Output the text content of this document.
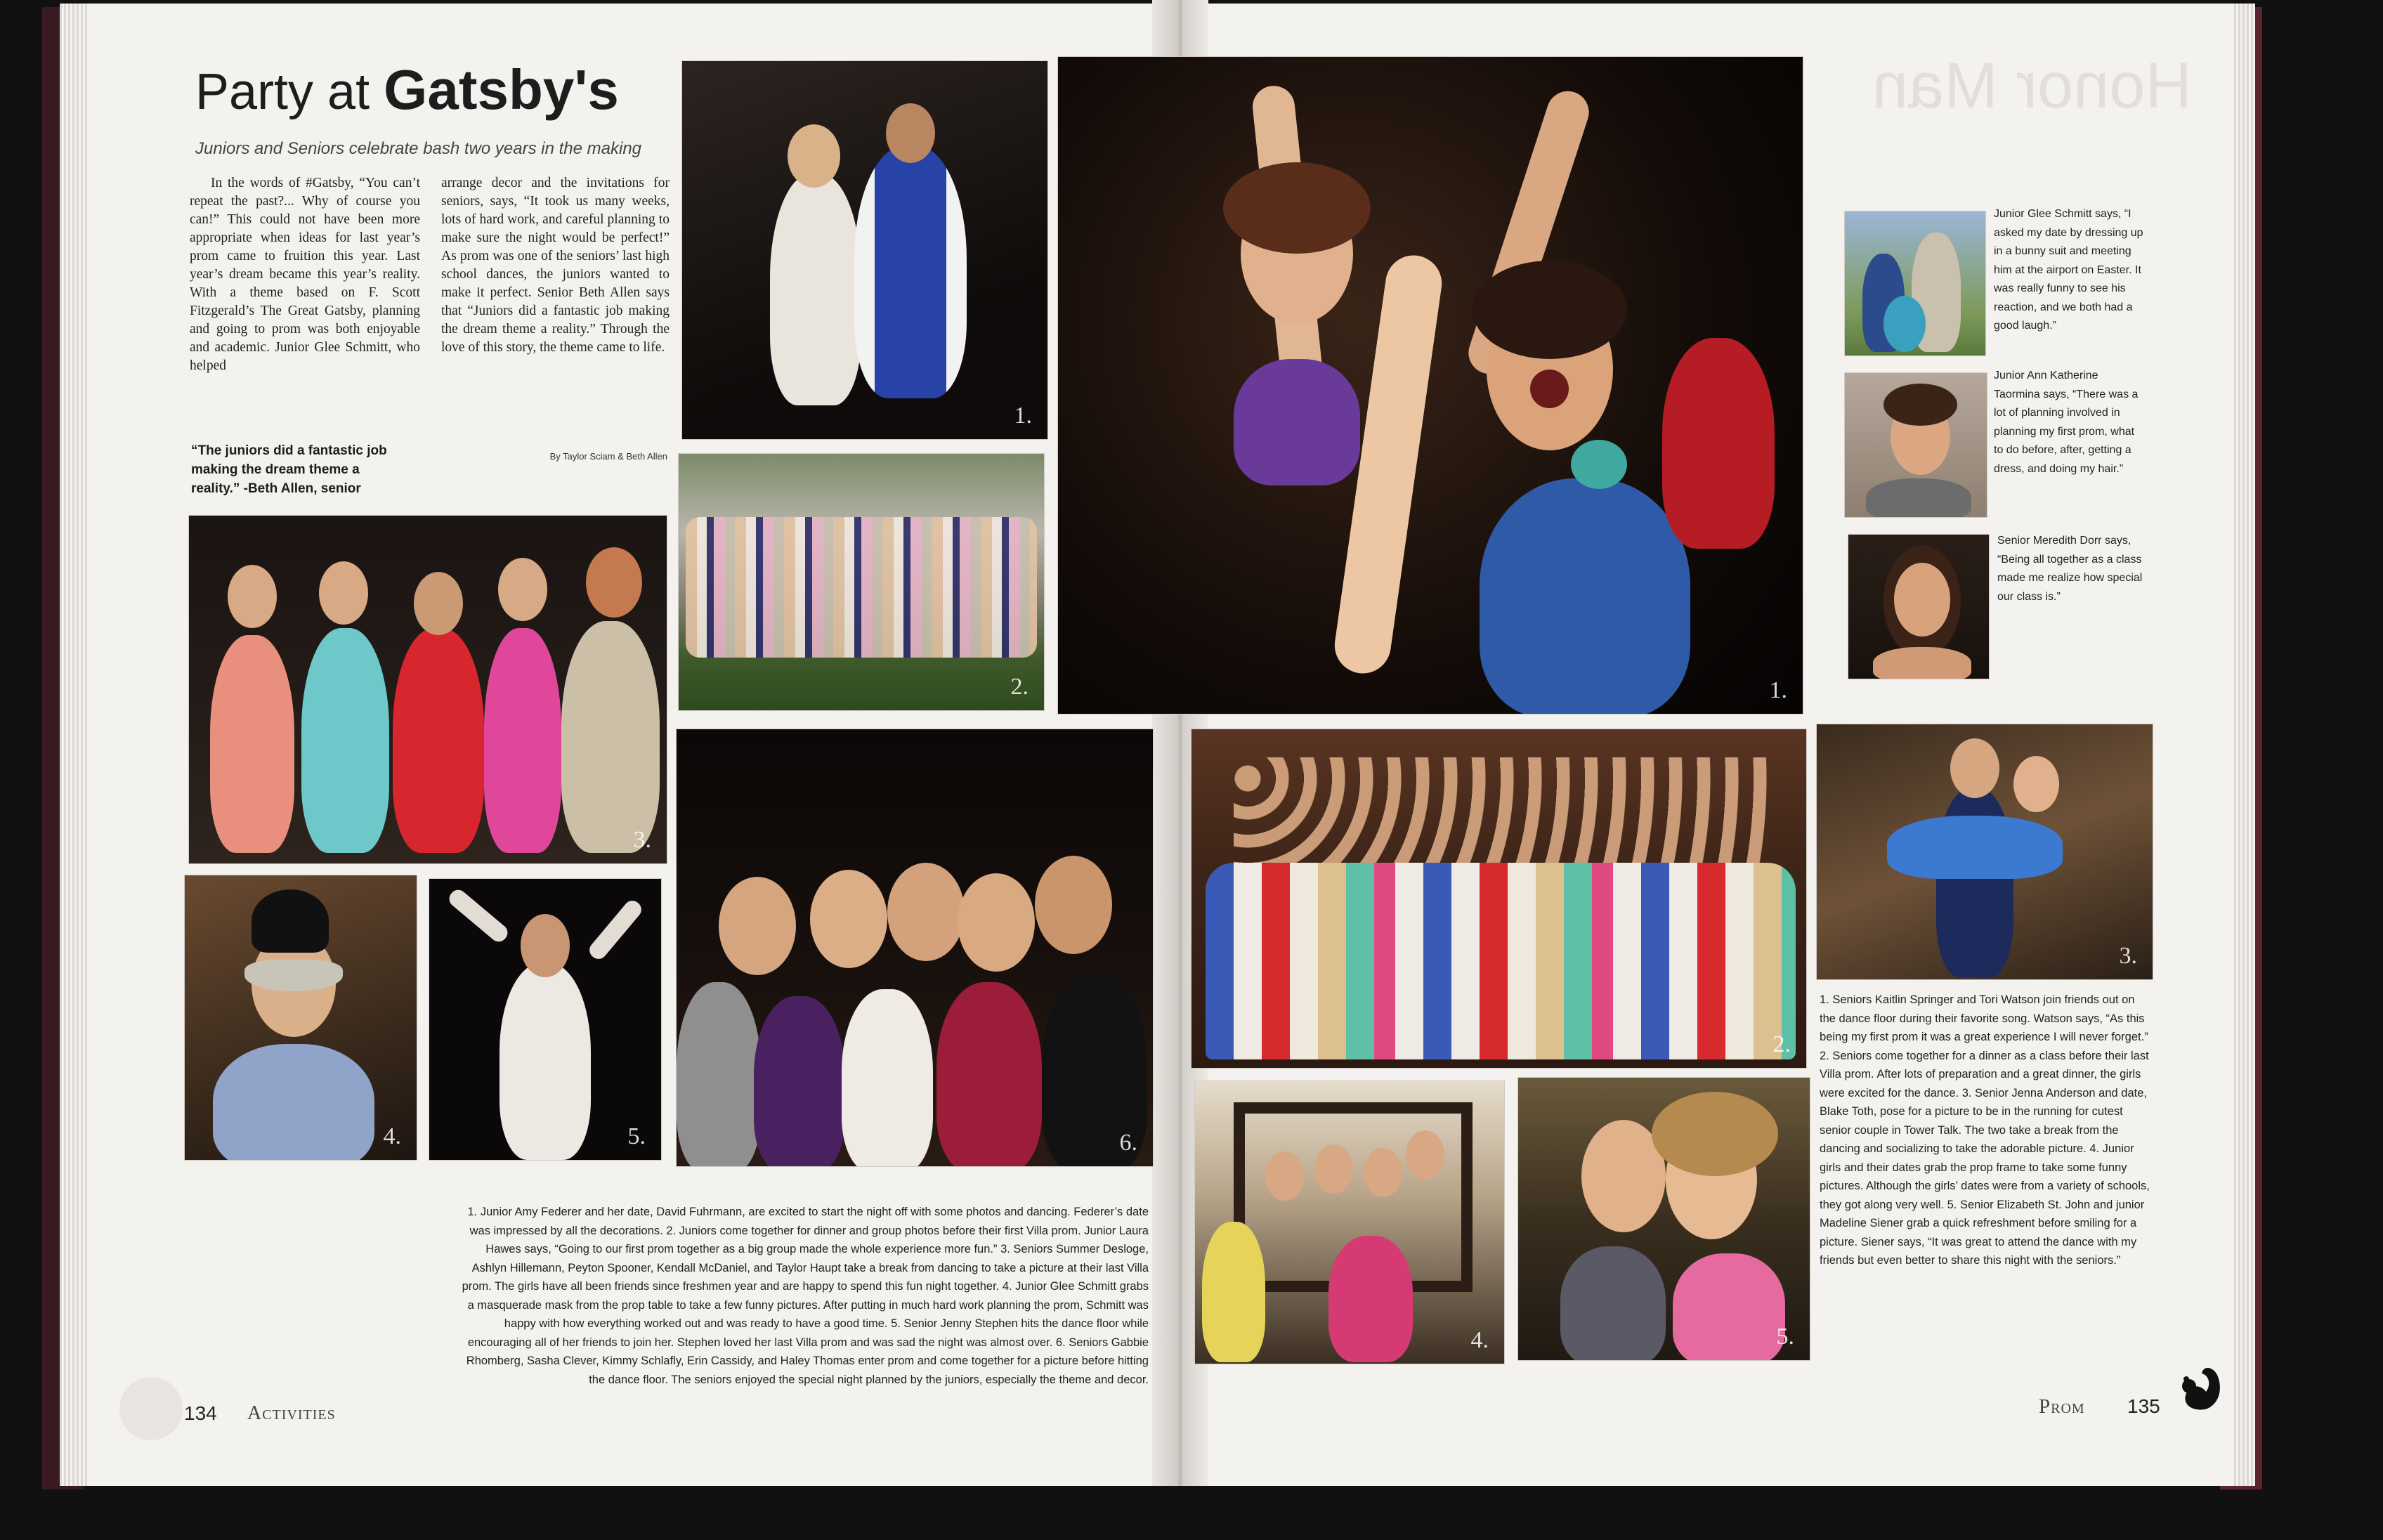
Honor Man
Party at Gatsby's
Juniors and Seniors celebrate bash two years in the making
In the words of #Gatsby, “You can’t repeat the past?... Why of course you can!” This could not have been more appropriate when ideas for last year’s prom came to fruition this year. Last year’s dream became this year’s reality. With a theme based on F. Scott Fitzgerald’s The Great Gatsby, planning and going to prom was both enjoyable and academic. Junior Glee Schmitt, who helped
arrange decor and the invitations for seniors, says, “It took us many weeks, lots of hard work, and careful planning to make sure the night would be perfect!” As prom was one of the seniors’ last high school dances, the juniors wanted to make it perfect. Senior Beth Allen says that “Juniors did a fantastic job making the dream theme a reality.” Through the love of this story, the theme came to life.
By Taylor Sciam & Beth Allen
“The juniors did a fantastic job making the dream theme a reality.” -Beth Allen, senior
1.
2.
3.
4.	5.	6.
1. Junior Amy Federer and her date, David Fuhrmann, are excited to start the night off with some photos and dancing. Federer’s date was impressed by all the decorations. 2. Juniors come together for dinner and group photos before their first Villa prom. Junior Laura Hawes says, “Going to our first prom together as a big group made the whole experience more fun.” 3. Seniors Summer Desloge, Ashlyn Hillemann, Peyton Spooner, Kendall McDaniel, and Taylor Haupt take a break from dancing to take a picture at their last Villa prom. The girls have all been friends since freshmen year and are happy to spend this fun night together. 4. Junior Glee Schmitt grabs a masquerade mask from the prop table to take a few funny pictures. After putting in much hard work planning the prom, Schmitt was happy with how everything worked out and was ready to have a good time. 5. Senior Jenny Stephen hits the dance floor while encouraging all of her friends to join her. Stephen loved her last Villa prom and was sad the night was almost over. 6. Seniors Gabbie Rhomberg, Sasha Clever, Kimmy Schlafly, Erin Cassidy, and Haley Thomas enter prom and come together for a picture before hitting the dance floor. The seniors enjoyed the special night planned by the juniors, especially the theme and decor.
134 Activities
1.
Junior Glee Schmitt says, “I asked my date by dressing up in a bunny suit and meeting him at the airport on Easter. It was really funny to see his reaction, and we both had a good laugh.”
Junior Ann Katherine Taormina says, “There was a lot of planning involved in planning my first prom, what to do before, after, getting a dress, and doing my hair.”
Senior Meredith Dorr says, “Being all together as a class made me realize how special our class is.”
2.
3.
4.	5.
1. Seniors Kaitlin Springer and Tori Watson join friends out on the dance floor during their favorite song. Watson says, “As this being my first prom it was a great experience I will never forget.” 2. Seniors come together for a dinner as a class before their last Villa prom. After lots of preparation and a great dinner, the girls were excited for the dance. 3. Senior Jenna Anderson and date, Blake Toth, pose for a picture to be in the running for cutest senior couple in Tower Talk. The two take a break from the dancing and socializing to take the adorable picture. 4. Junior girls and their dates grab the prop frame to take some funny pictures. Although the girls’ dates were from a variety of schools, they got along very well. 5. Senior Elizabeth St. John and junior Madeline Siener grab a quick refreshment before smiling for a picture. Siener says, “It was great to attend the dance with my friends but even better to share this night with the seniors.”
Prom 135
